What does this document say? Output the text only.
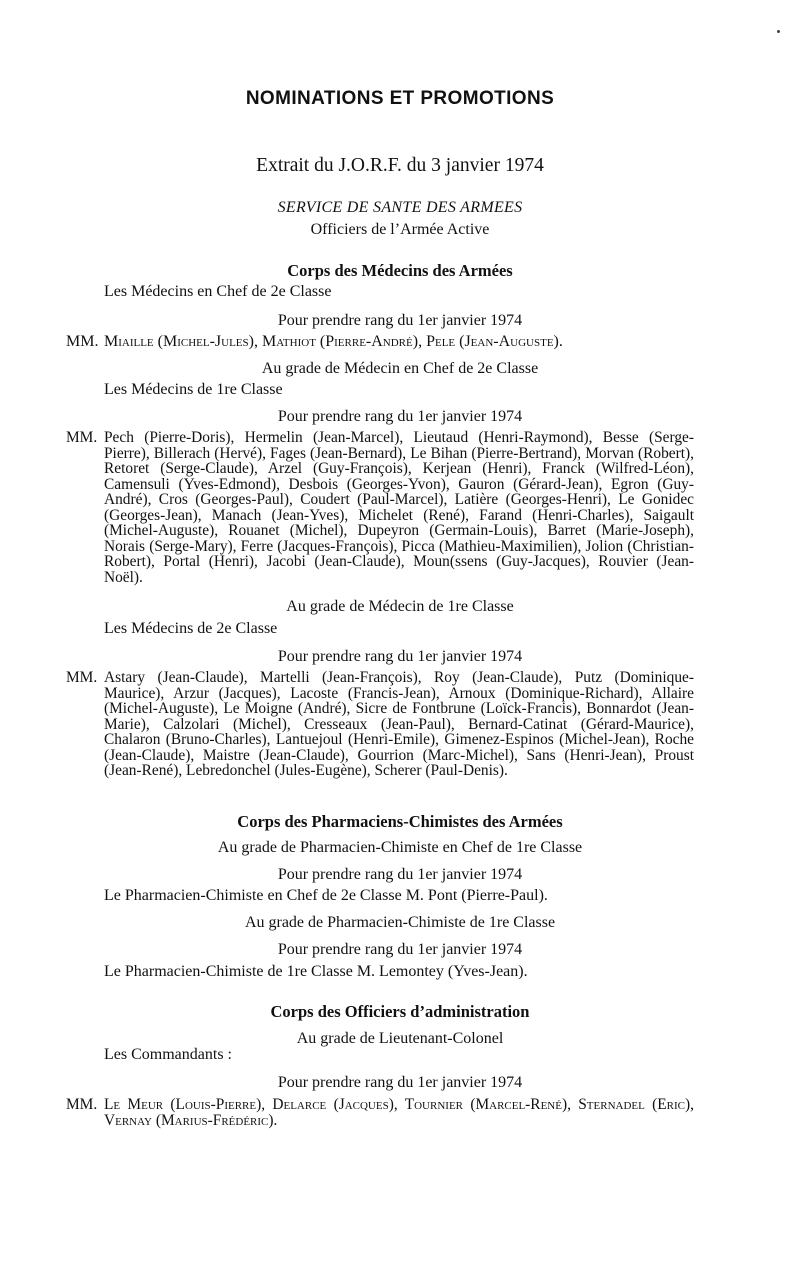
NOMINATIONS ET PROMOTIONS
Extrait du J.O.R.F. du 3 janvier 1974
SERVICE DE SANTE DES ARMEES
Officiers de l’Armée Active
Corps des Médecins des Armées
Les Médecins en Chef de 2e Classe
Pour prendre rang du 1er janvier 1974
MM. Miaille (Michel-Jules), Mathiot (Pierre-André), Pele (Jean-Auguste).
Au grade de Médecin en Chef de 2e Classe
Les Médecins de 1re Classe
Pour prendre rang du 1er janvier 1974
MM. Pech (Pierre-Doris), Hermelin (Jean-Marcel), Lieutaud (Henri-Raymond), Besse (Serge-Pierre), Billerach (Hervé), Fages (Jean-Bernard), Le Bihan (Pierre-Bertrand), Morvan (Robert), Retoret (Serge-Claude), Arzel (Guy-François), Kerjean (Henri), Franck (Wilfred-Léon), Camensuli (Yves-Edmond), Desbois (Georges-Yvon), Gauron (Gérard-Jean), Egron (Guy-André), Cros (Georges-Paul), Coudert (Paul-Marcel), Latière (Georges-Henri), Le Gonidec (Georges-Jean), Manach (Jean-Yves), Michelet (René), Farand (Henri-Charles), Saigault (Michel-Auguste), Rouanet (Michel), Dupeyron (Germain-Louis), Barret (Marie-Joseph), Norais (Serge-Mary), Ferre (Jacques-François), Picca (Mathieu-Maximilien), Jolion (Christian-Robert), Portal (Henri), Jacobi (Jean-Claude), Moun(ssens (Guy-Jacques), Rouvier (Jean-Noël).
Au grade de Médecin de 1re Classe
Les Médecins de 2e Classe
Pour prendre rang du 1er janvier 1974
MM. Astary (Jean-Claude), Martelli (Jean-François), Roy (Jean-Claude), Putz (Dominique-Maurice), Arzur (Jacques), Lacoste (Francis-Jean), Arnoux (Dominique-Richard), Allaire (Michel-Auguste), Le Moigne (André), Sicre de Fontbrune (Loïck-Francis), Bonnardot (Jean-Marie), Calzolari (Michel), Cresseaux (Jean-Paul), Bernard-Catinat (Gérard-Maurice), Chalaron (Bruno-Charles), Lantuejoul (Henri-Emile), Gimenez-Espinos (Michel-Jean), Roche (Jean-Claude), Maistre (Jean-Claude), Gourrion (Marc-Michel), Sans (Henri-Jean), Proust (Jean-René), Lebredonchel (Jules-Eugène), Scherer (Paul-Denis).
Corps des Pharmaciens-Chimistes des Armées
Au grade de Pharmacien-Chimiste en Chef de 1re Classe
Pour prendre rang du 1er janvier 1974
Le Pharmacien-Chimiste en Chef de 2e Classe M. Pont (Pierre-Paul).
Au grade de Pharmacien-Chimiste de 1re Classe
Pour prendre rang du 1er janvier 1974
Le Pharmacien-Chimiste de 1re Classe M. Lemontey (Yves-Jean).
Corps des Officiers d’administration
Au grade de Lieutenant-Colonel
Les Commandants :
Pour prendre rang du 1er janvier 1974
MM. Le Meur (Louis-Pierre), Delarce (Jacques), Tournier (Marcel-René), Sternadel (Eric), Vernay (Marius-Frédéric).
